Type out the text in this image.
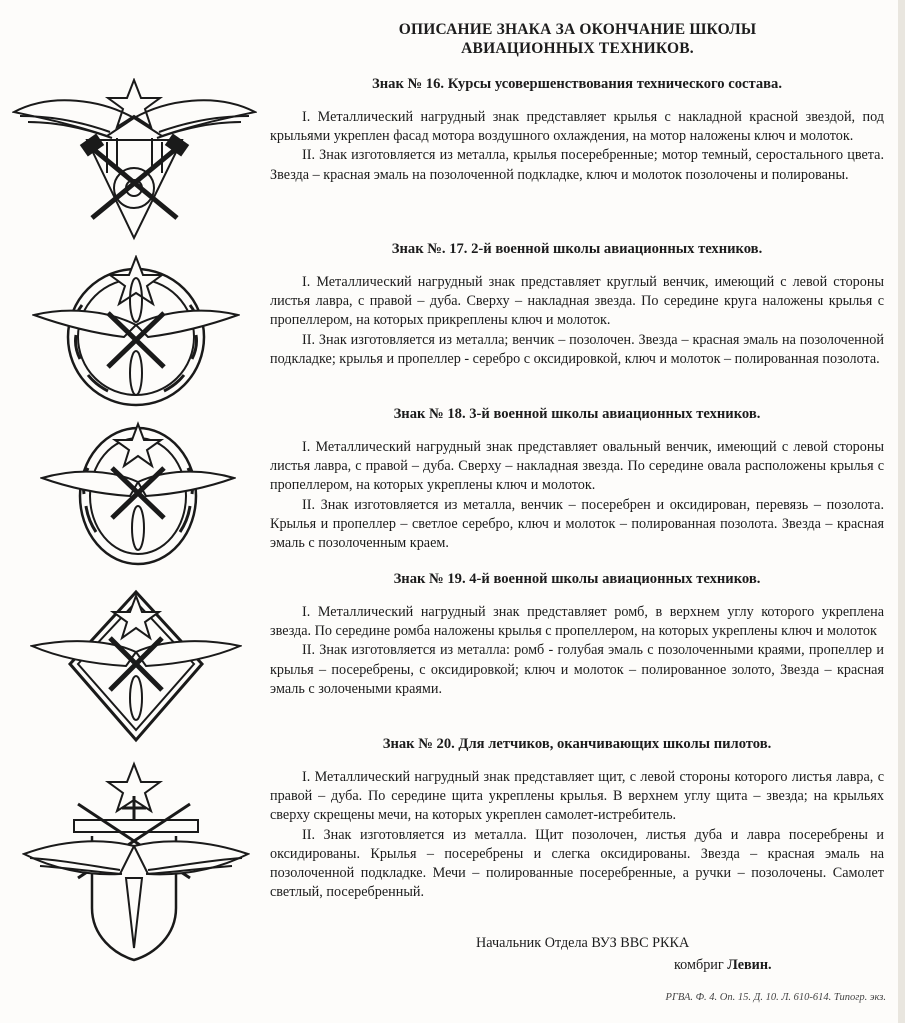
ОПИСАНИЕ ЗНАКА ЗА ОКОНЧАНИЕ ШКОЛЫ
АВИАЦИОННЫХ ТЕХНИКОВ.
Знак № 16. Курсы усовершенствования технического состава.

I. Металлический нагрудный знак представляет крылья с накладной красной звездой, под крыльями укреплен фасад мотора воздушного охлаждения, на мотор наложены ключ и молоток.

II. Знак изготовляется из металла, крылья посеребренные; мотор темный, серостального цвета. Звезда – красная эмаль на позолоченной подкладке, ключ и молоток позолочены и полированы.

Знак №. 17. 2-й военной школы авиационных техников.

I. Металлический нагрудный знак представляет круглый венчик, имеющий с левой стороны листья лавра, с правой – дуба. Сверху – накладная звезда. По середине круга наложены крылья с пропеллером, на которых прикреплены ключ и молоток.

II. Знак изготовляется из металла; венчик – позолочен. Звезда – красная эмаль на позолоченной подкладке; крылья и пропеллер - серебро с оксидировкой, ключ и молоток – полированная позолота.

Знак № 18. 3-й военной школы авиационных техников.

I. Металлический нагрудный знак представляет овальный венчик, имеющий с левой стороны листья лавра, с правой – дуба. Сверху – накладная звезда. По середине овала расположены крылья с пропеллером, на которых укреплены ключ и молоток.

II. Знак изготовляется из металла, венчик – посеребрен и оксидирован, перевязь – позолота. Крылья и пропеллер – светлое серебро, ключ и молоток – полированная позолота. Звезда – красная эмаль с позолоченным краем.

Знак № 19. 4-й военной школы авиационных техников.

I. Металлический нагрудный знак представляет ромб, в верхнем углу которого укреплена звезда. По середине ромба наложены крылья с пропеллером, на которых укреплены ключ и молоток

II. Знак изготовляется из металла: ромб - голубая эмаль с позолоченными краями, пропеллер и крылья – посеребрены, с оксидировкой; ключ и молоток – полированное золото, Звезда – красная эмаль с золочеными краями.

Знак № 20. Для летчиков, оканчивающих школы пилотов.

I. Металлический нагрудный знак представляет щит, с левой стороны которого листья лавра, с правой – дуба. По середине щита укреплены крылья. В верхнем углу щита – звезда; на крыльях сверху скрещены мечи, на которых укреплен самолет-истребитель.

II. Знак изготовляется из металла. Щит позолочен, листья дуба и лавра посеребрены и оксидированы. Крылья – посеребрены и слегка оксидированы. Звезда – красная эмаль на позолоченной подкладке. Мечи – полированные посеребренные, а ручки – позолочены. Самолет светлый, посеребренный.

Начальник Отдела ВУЗ ВВС РККА
комбриг Левин.
РГВА. Ф. 4. Оп. 15. Д. 10. Л. 610-614. Типогр. экз.
